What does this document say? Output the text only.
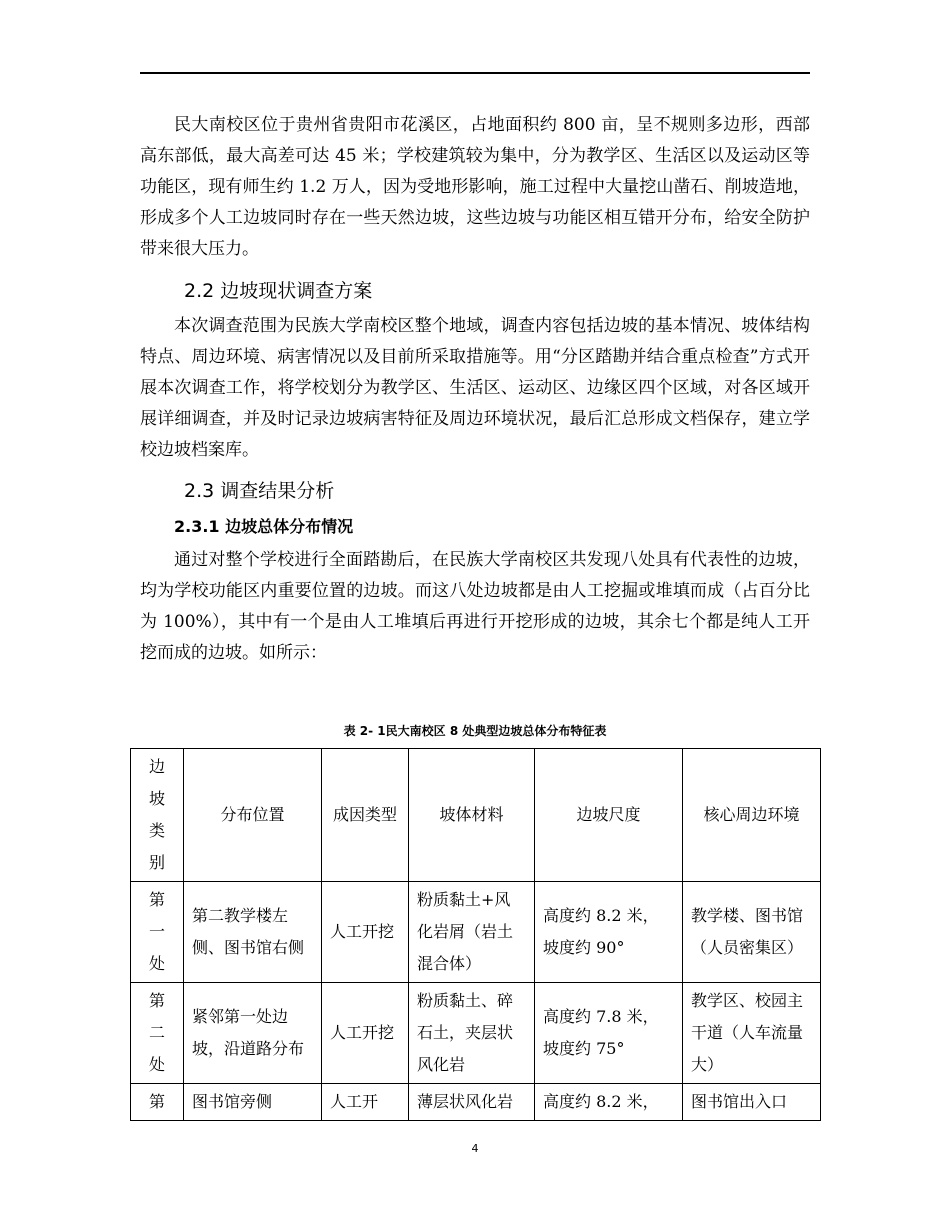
民大南校区位于贵州省贵阳市花溪区，占地面积约 800 亩，呈不规则多边形，西部高东部低，最大高差可达 45 米；学校建筑较为集中，分为教学区、生活区以及运动区等功能区，现有师生约 1.2 万人，因为受地形影响，施工过程中大量挖山凿石、削坡造地，形成多个人工边坡同时存在一些天然边坡，这些边坡与功能区相互错开分布，给安全防护带来很大压力。

2.2 边坡现状调查方案

本次调查范围为民族大学南校区整个地域，调查内容包括边坡的基本情况、坡体结构特点、周边环境、病害情况以及目前所采取措施等。用“分区踏勘并结合重点检查”方式开展本次调查工作，将学校划分为教学区、生活区、运动区、边缘区四个区域，对各区域开展详细调查，并及时记录边坡病害特征及周边环境状况，最后汇总形成文档保存，建立学校边坡档案库。

2.3 调查结果分析
2.3.1 边坡总体分布情况

通过对整个学校进行全面踏勘后，在民族大学南校区共发现八处具有代表性的边坡，均为学校功能区内重要位置的边坡。而这八处边坡都是由人工挖掘或堆填而成（占百分比为 100%），其中有一个是由人工堆填后再进行开挖形成的边坡，其余七个都是纯人工开挖而成的边坡。如所示：

表 2- 1民大南校区 8 处典型边坡总体分布特征表
边坡类别	分布位置	成因类型	坡体材料	边坡尺度	核心周边环境

第一处	第二教学楼左侧、图书馆右侧	人工开挖	粉质黏土+风化岩屑（岩土混合体）	高度约 8.2 米，坡度约 90°	教学楼、图书馆（人员密集区）

第二处	紧邻第一处边坡，沿道路分布	人工开挖	粉质黏土、碎石土，夹层状风化岩	高度约 7.8 米，坡度约 75°	教学区、校园主干道（人车流量大）
第	图书馆旁侧	人工开	薄层状风化岩	高度约 8.2 米，	图书馆出入口
4
